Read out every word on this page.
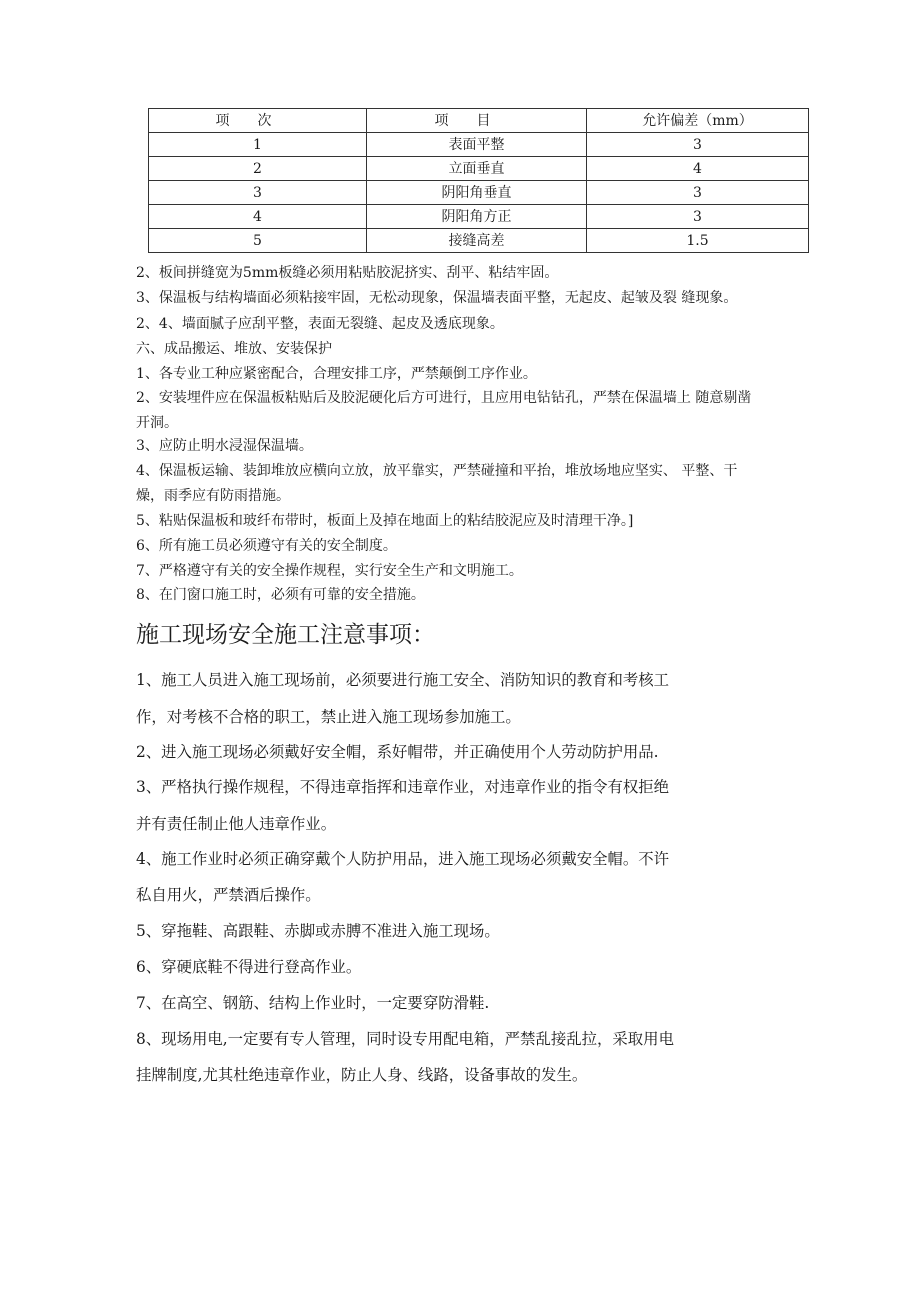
项次	项目	允许偏差（mm）
1	表面平整	3
2	立面垂直	4
3	阴阳角垂直	3
4	阴阳角方正	3
5	接缝高差	1.5
2、板间拼缝宽为5mm板缝必须用粘贴胶泥挤实、刮平、粘结牢固。
3、保温板与结构墙面必须粘接牢固，无松动现象，保温墙表面平整，无起皮、起皱及裂 缝现象。
2、4、墙面腻子应刮平整，表面无裂缝、起皮及透底现象。
六、成品搬运、堆放、安装保护
1、各专业工种应紧密配合，合理安排工序，严禁颠倒工序作业。
2、安装埋件应在保温板粘贴后及胶泥硬化后方可进行，且应用电钻钻孔，严禁在保温墙上 随意剔凿
开洞。
3、应防止明水浸湿保温墙。
4、保温板运输、装卸堆放应横向立放，放平靠实，严禁碰撞和平抬，堆放场地应坚实、 平整、干
燥，雨季应有防雨措施。
5、粘贴保温板和玻纤布带时，板面上及掉在地面上的粘结胶泥应及时清理干净。]
6、所有施工员必须遵守有关的安全制度。
7、严格遵守有关的安全操作规程，实行安全生产和文明施工。
8、在门窗口施工时，必须有可靠的安全措施。
施工现场安全施工注意事项：
1、施工人员进入施工现场前，必须要进行施工安全、消防知识的教育和考核工
作，对考核不合格的职工，禁止进入施工现场参加施工。
2、进入施工现场必须戴好安全帽，系好帽带，并正确使用个人劳动防护用品.
3、严格执行操作规程，不得违章指挥和违章作业，对违章作业的指令有权拒绝
并有责任制止他人违章作业。
4、施工作业时必须正确穿戴个人防护用品，进入施工现场必须戴安全帽。不许
私自用火，严禁酒后操作。
5、穿拖鞋、高跟鞋、赤脚或赤膊不准进入施工现场。
6、穿硬底鞋不得进行登高作业。
7、在高空、钢筋、结构上作业时，一定要穿防滑鞋.
8、现场用电,一定要有专人管理，同时设专用配电箱，严禁乱接乱拉，采取用电
挂牌制度,尤其杜绝违章作业，防止人身、线路，设备事故的发生。
